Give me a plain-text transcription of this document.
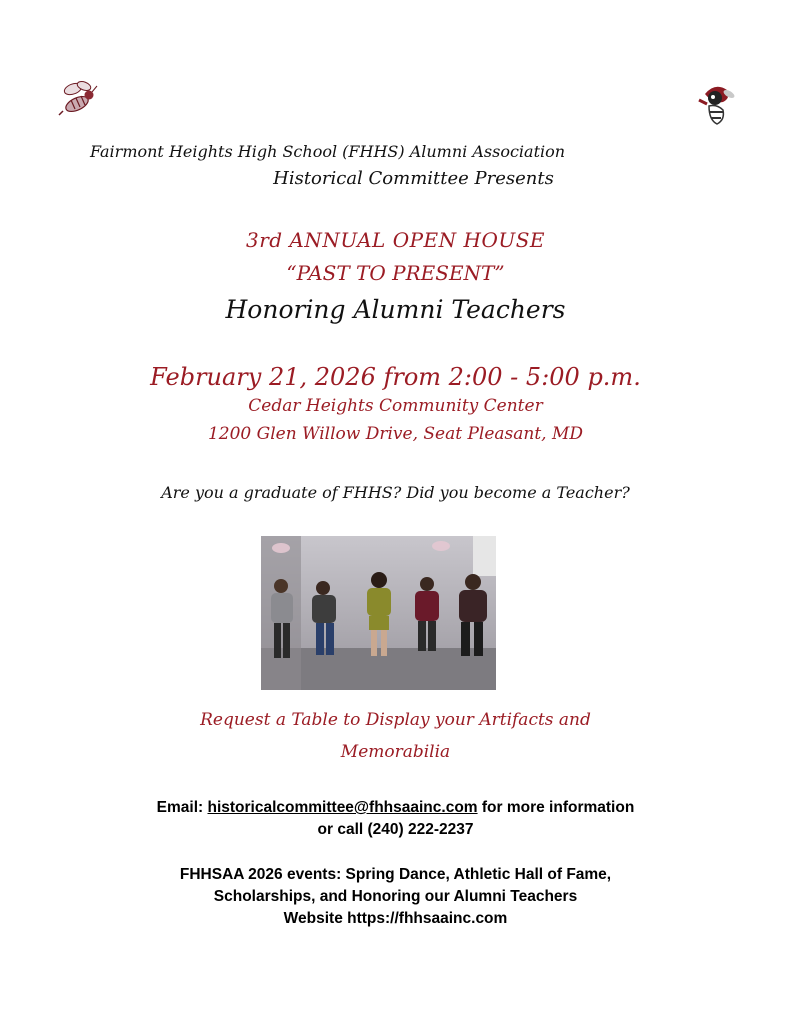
Fairmont Heights High School (FHHS) Alumni Association
Historical Committee Presents
3rd ANNUAL OPEN HOUSE
“PAST TO PRESENT”
Honoring Alumni Teachers
February 21, 2026 from 2:00 - 5:00 p.m.
Cedar Heights Community Center
1200 Glen Willow Drive, Seat Pleasant, MD
Are you a graduate of FHHS? Did you become a Teacher?
Request a Table to Display your Artifacts and
Memorabilia
Email: historicalcommittee@fhhsaainc.com for more information
or call (240) 222-2237
FHHSAA 2026 events: Spring Dance, Athletic Hall of Fame,
Scholarships, and Honoring our Alumni Teachers
Website https://fhhsaainc.com
